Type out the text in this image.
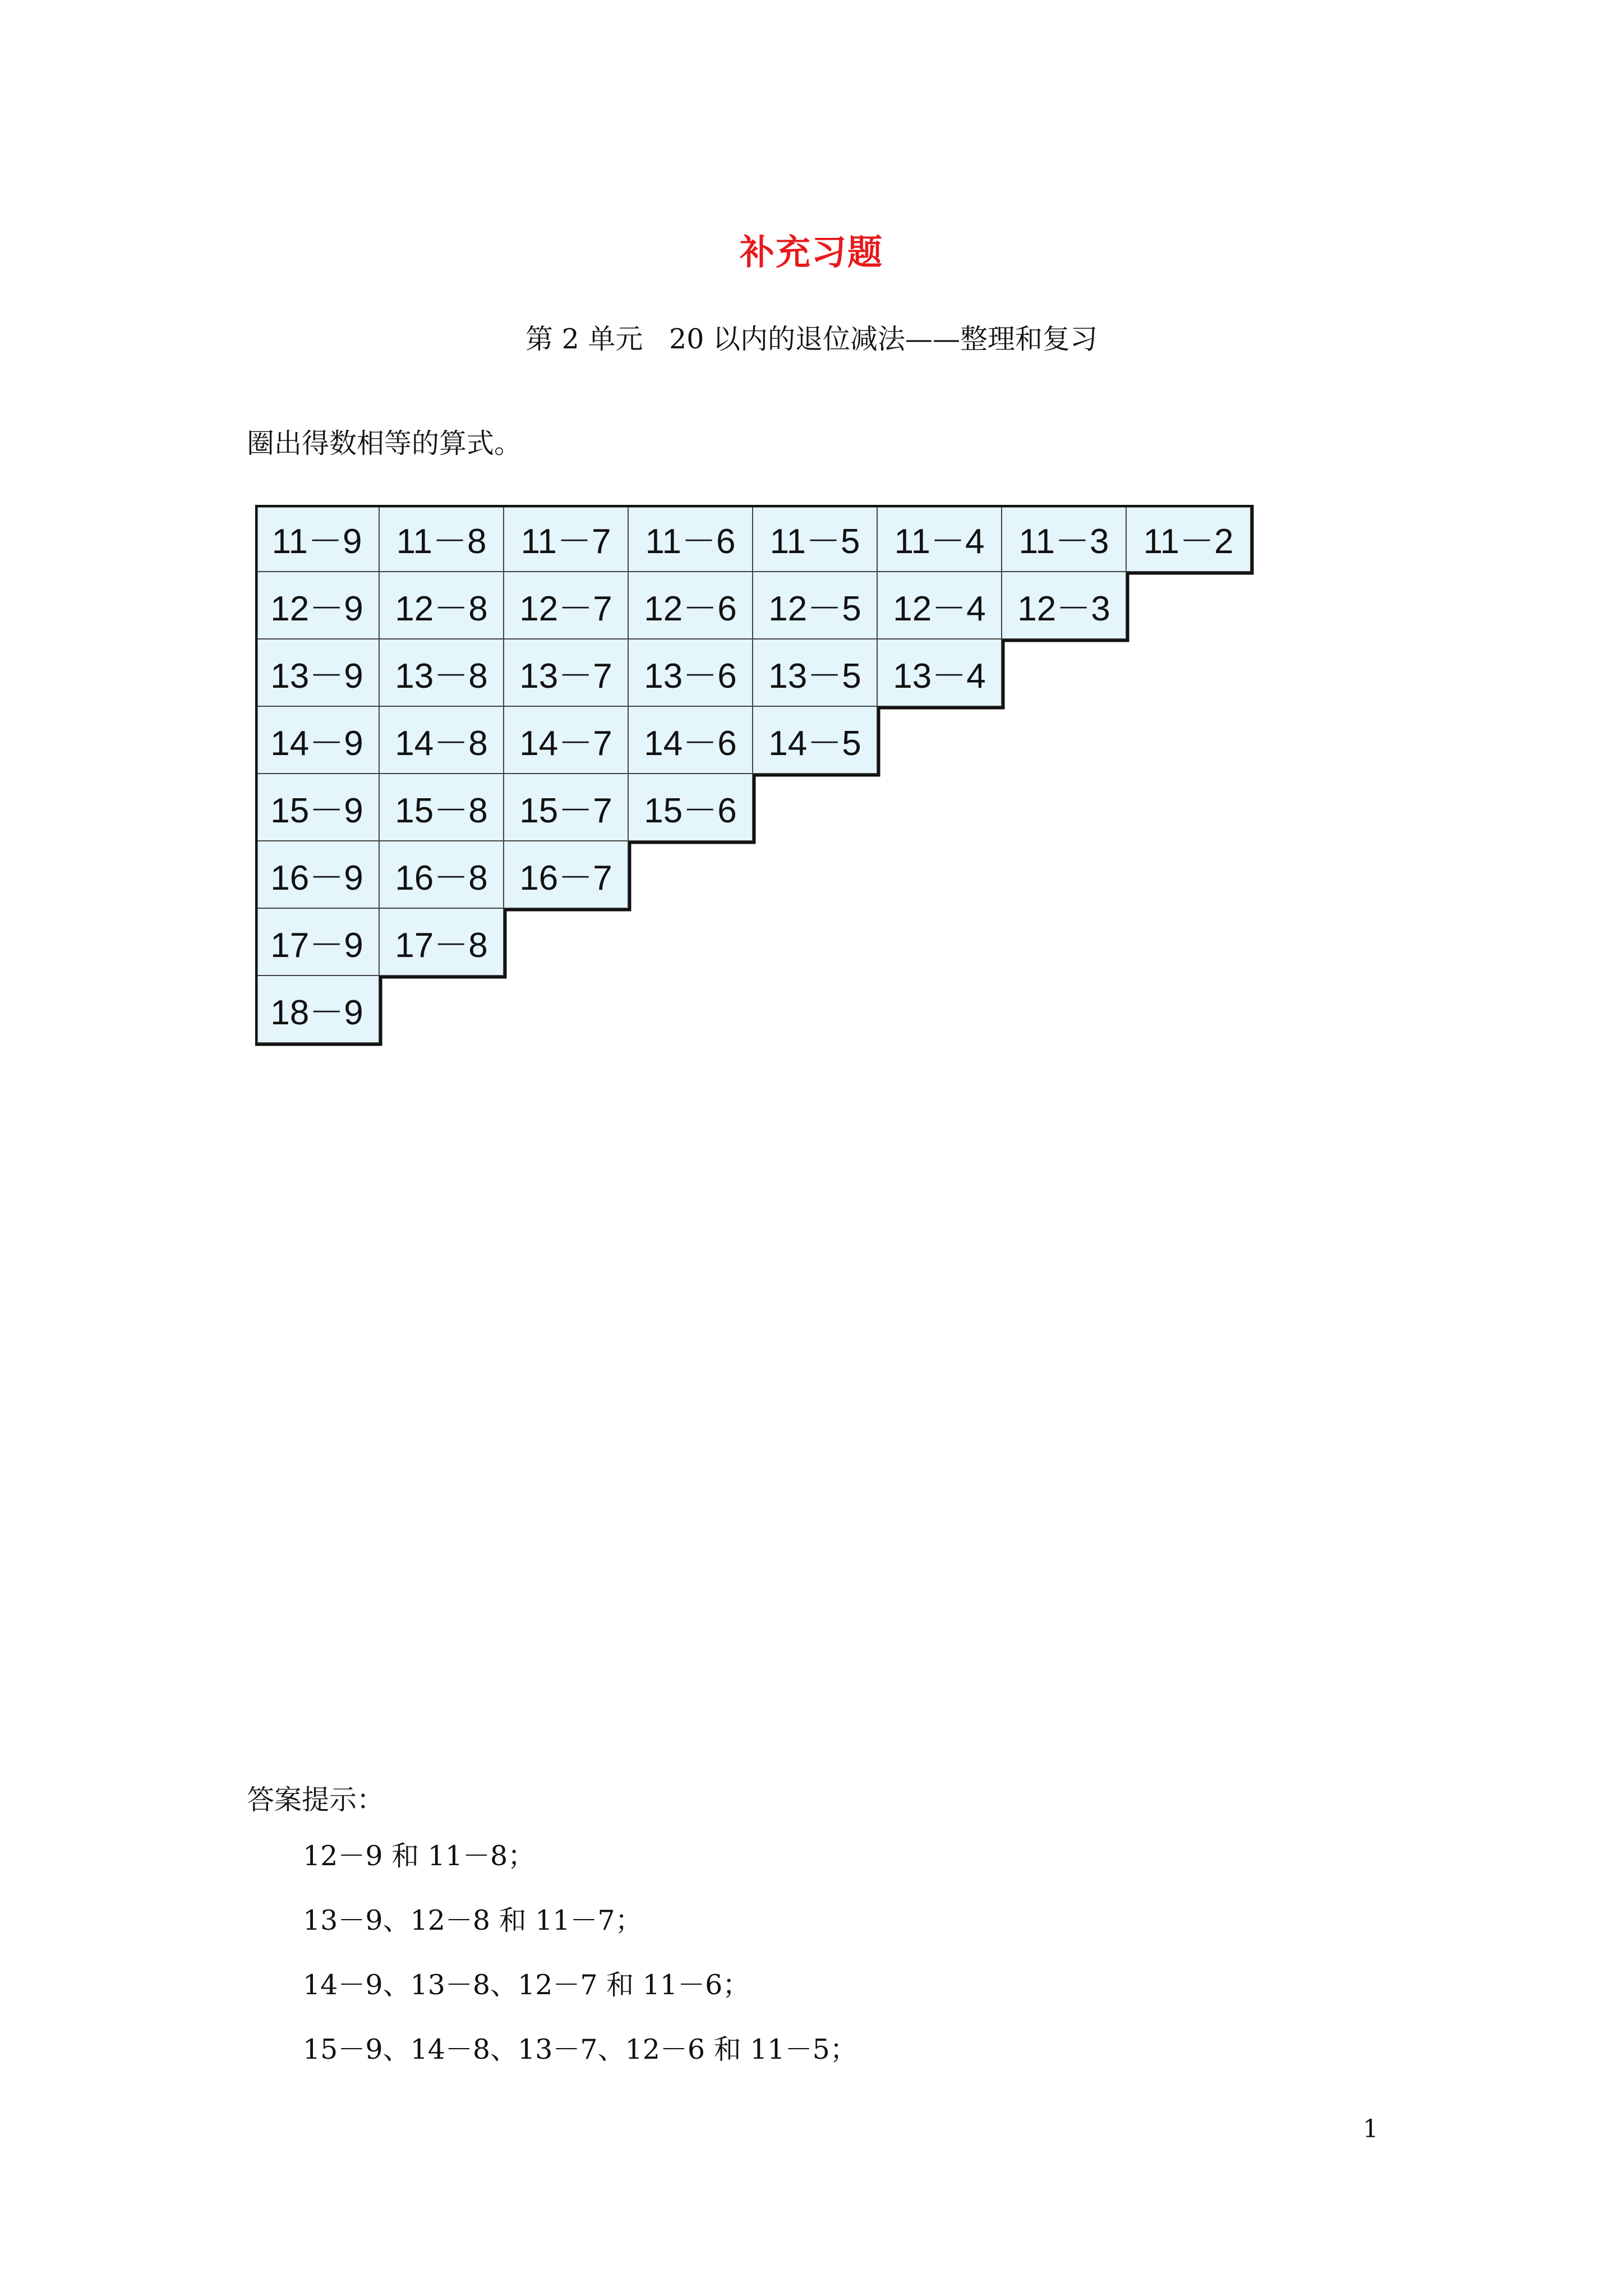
补充习题
第 2 单元   20 以内的退位减法——整理和复习
圈出得数相等的算式。
11－9 11－8 11－7 11－6 11－5 11－4 11－3 11－2
12－9 12－8 12－7 12－6 12－5 12－4 12－3
13－9 13－8 13－7 13－6 13－5 13－4
14－9 14－8 14－7 14－6 14－5
15－9 15－8 15－7 15－6
16－9 16－8 16－7
17－9 17－8
18－9
答案提示：
12－9 和 11－8；
13－9、12－8 和 11－7；
14－9、13－8、12－7 和 11－6；
15－9、14－8、13－7、12－6 和 11－5；
1
